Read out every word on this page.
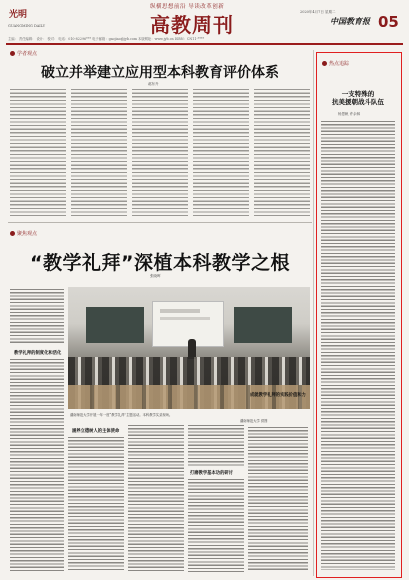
光明
GUANGMING DAILY
纵横思想前沿 导读改革创新
高教周刊
2020年4月7日 星期二
中国教育报 05
主编： 责任编辑： 设计： 校对： 电话：010-82296*** 电子邮箱：gaojiao@jyb.com 本版网址：www.jyb.cn ISBN：CN11-****
学者观点
破立并举建立应用型本科教育评价体系
郝东升
聚焦观点
“教学礼拜”深植本科教学之根
张晓晖
教学礼拜的制度化和活化
湖南师范大学开展一年一度“教学礼拜”主题活动。本科教学实录现场。
湖南师范大学 供图
涵养立德树人的主体使命
打磨教学基本功的研讨
成就教学礼拜的实践价值和力
热点追踪
一支特殊的
抗美援朝战斗队伍
杨思帆 许余林
